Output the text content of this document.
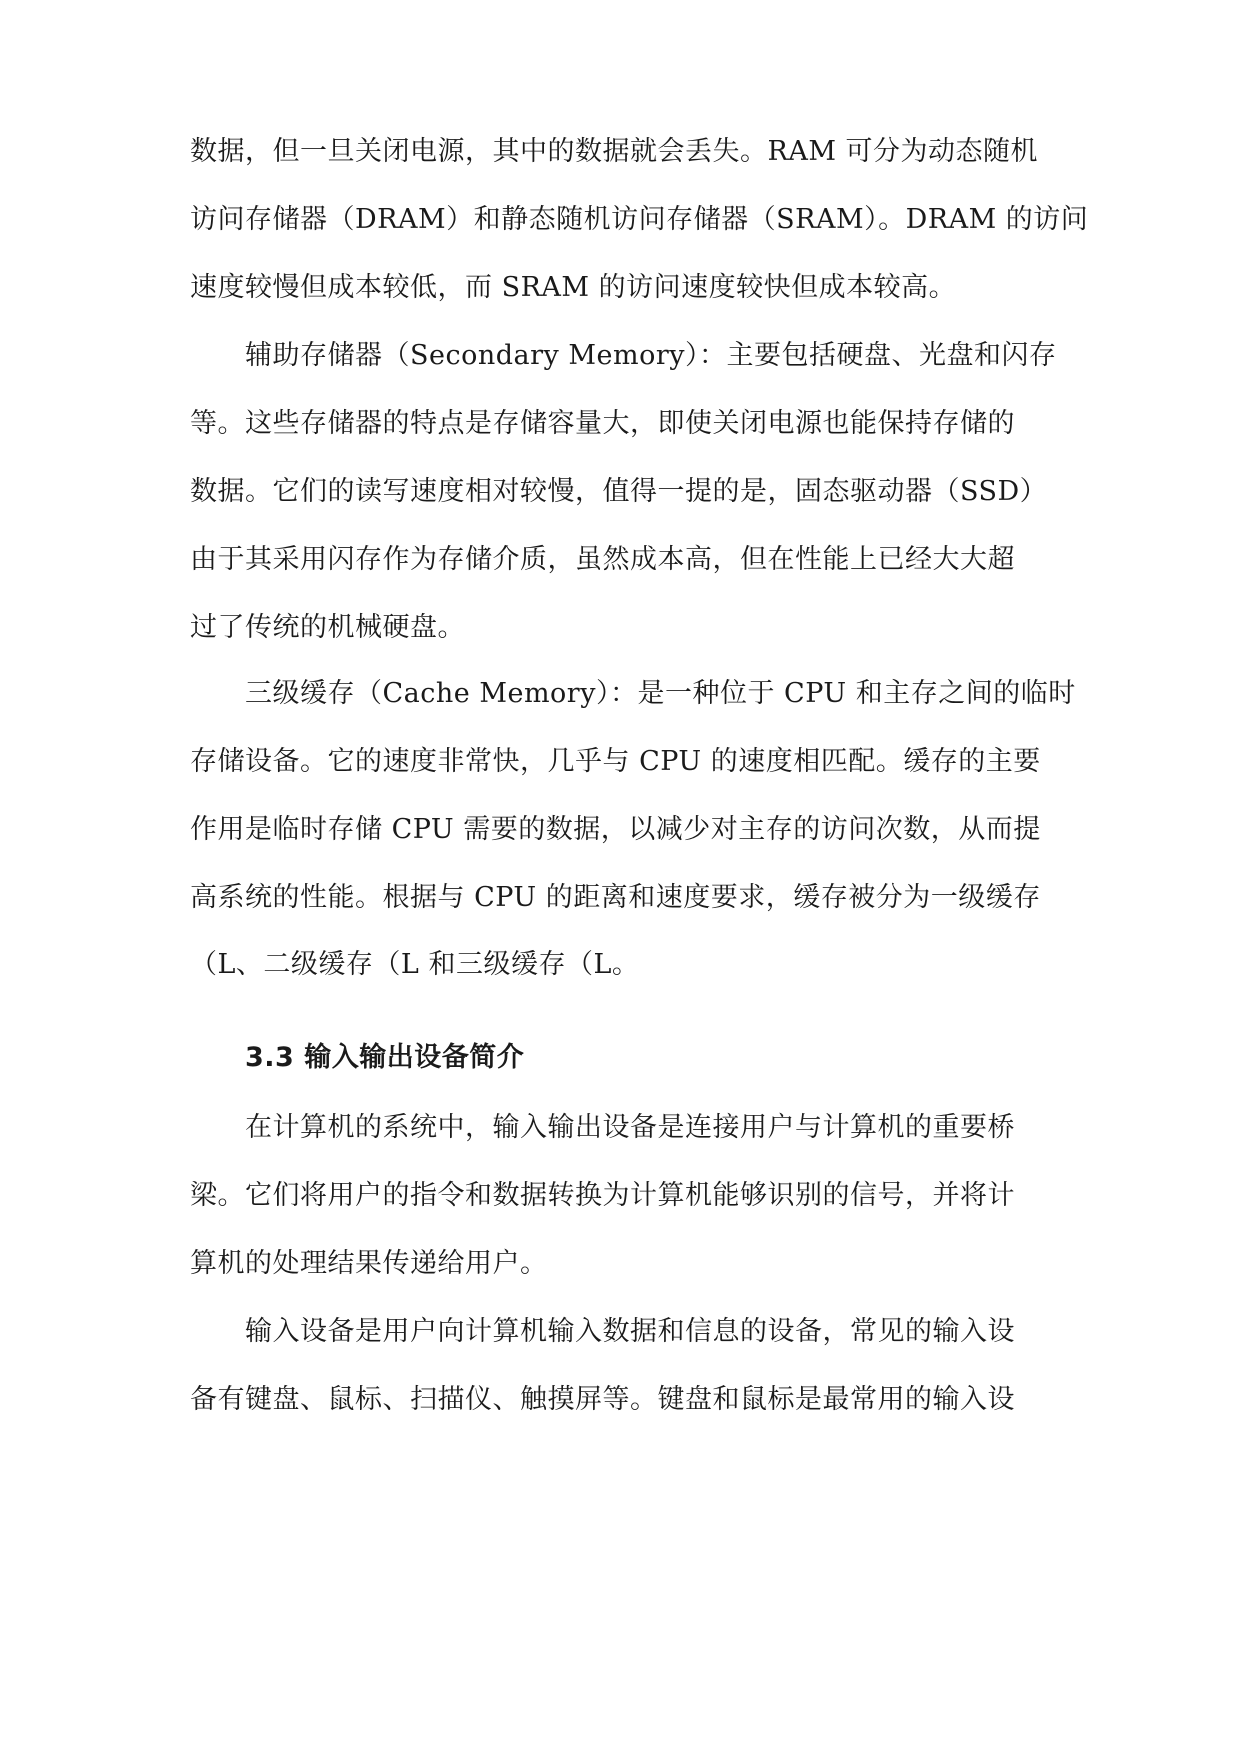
数据，但一旦关闭电源，其中的数据就会丢失。RAM 可分为动态随机
访问存储器（DRAM）和静态随机访问存储器（SRAM）。DRAM 的访问
速度较慢但成本较低，而 SRAM 的访问速度较快但成本较高。
辅助存储器（Secondary Memory）：主要包括硬盘、光盘和闪存
等。这些存储器的特点是存储容量大，即使关闭电源也能保持存储的
数据。它们的读写速度相对较慢，值得一提的是，固态驱动器（SSD）
由于其采用闪存作为存储介质，虽然成本高，但在性能上已经大大超
过了传统的机械硬盘。
三级缓存（Cache Memory）：是一种位于 CPU 和主存之间的临时
存储设备。它的速度非常快，几乎与 CPU 的速度相匹配。缓存的主要
作用是临时存储 CPU 需要的数据，以减少对主存的访问次数，从而提
高系统的性能。根据与 CPU 的距离和速度要求，缓存被分为一级缓存
（L、二级缓存（L 和三级缓存（L。
3.3 输入输出设备简介
在计算机的系统中，输入输出设备是连接用户与计算机的重要桥
梁。它们将用户的指令和数据转换为计算机能够识别的信号，并将计
算机的处理结果传递给用户。
输入设备是用户向计算机输入数据和信息的设备，常见的输入设
备有键盘、鼠标、扫描仪、触摸屏等。键盘和鼠标是最常用的输入设
